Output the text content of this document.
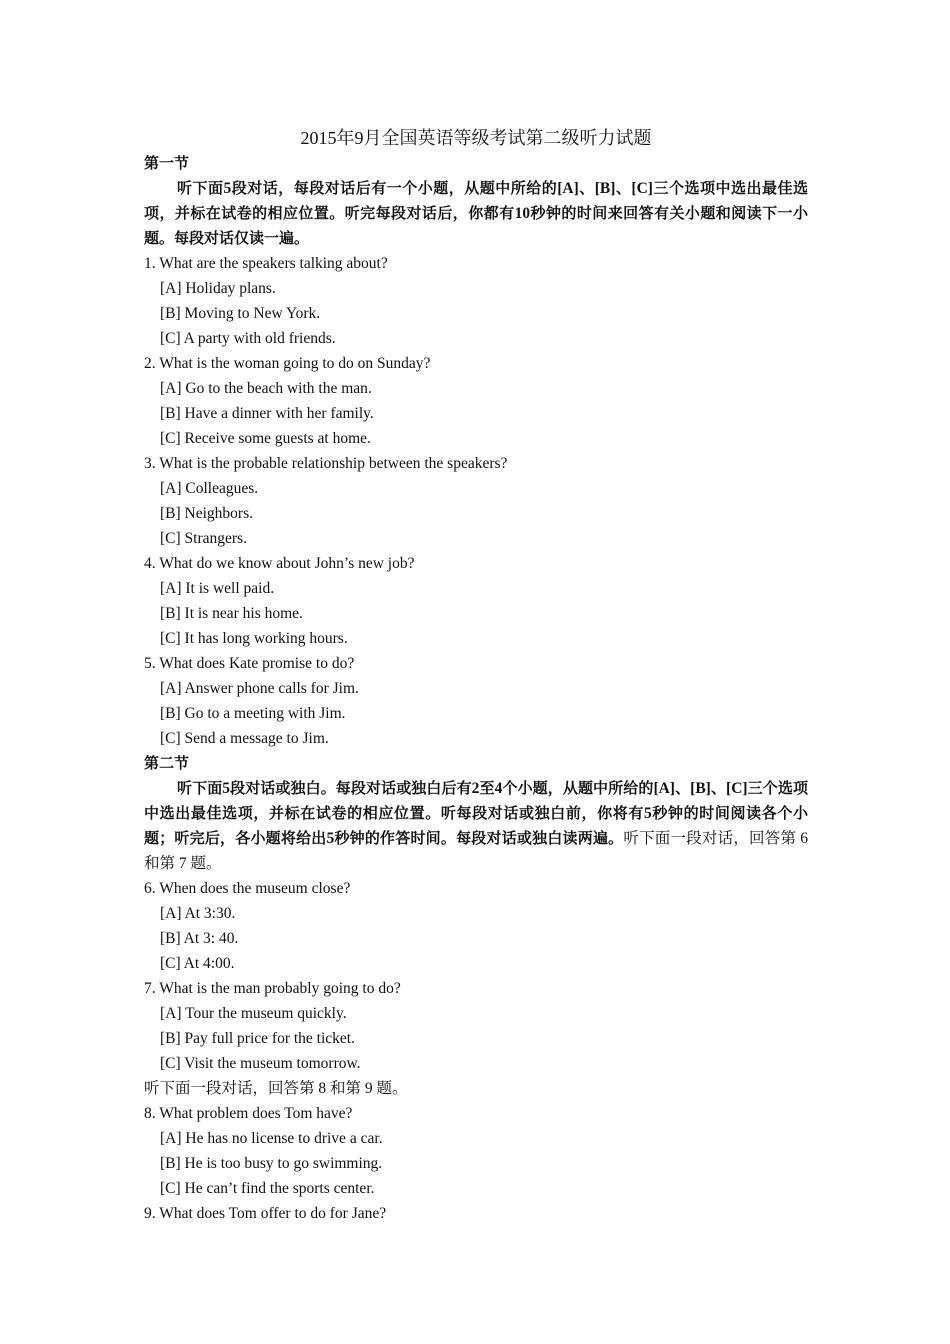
2015年9月全国英语等级考试第二级听力试题
第一节
听下面5段对话，每段对话后有一个小题，从题中所给的[A]、[B]、[C]三个选项中选出最佳选项，并标在试卷的相应位置。听完每段对话后，你都有10秒钟的时间来回答有关小题和阅读下一小题。每段对话仅读一遍。
1. What are the speakers talking about?
[A] Holiday plans.
[B] Moving to New York.
[C] A party with old friends.
2. What is the woman going to do on Sunday?
[A] Go to the beach with the man.
[B] Have a dinner with her family.
[C] Receive some guests at home.
3. What is the probable relationship between the speakers?
[A] Colleagues.
[B] Neighbors.
[C] Strangers.
4. What do we know about John’s new job?
[A] It is well paid.
[B] It is near his home.
[C] It has long working hours.
5. What does Kate promise to do?
[A] Answer phone calls for Jim.
[B] Go to a meeting with Jim.
[C] Send a message to Jim.
第二节
听下面5段对话或独白。每段对话或独白后有2至4个小题，从题中所给的[A]、[B]、[C]三个选项中选出最佳选项，并标在试卷的相应位置。听每段对话或独白前，你将有5秒钟的时间阅读各个小题；听完后，各小题将给出5秒钟的作答时间。每段对话或独白读两遍。听下面一段对话，回答第 6 和第 7 题。
6. When does the museum close?
[A] At 3:30.
[B] At 3: 40.
[C] At 4:00.
7. What is the man probably going to do?
[A] Tour the museum quickly.
[B] Pay full price for the ticket.
[C] Visit the museum tomorrow.
听下面一段对话，回答第 8 和第 9 题。
8. What problem does Tom have?
[A] He has no license to drive a car.
[B] He is too busy to go swimming.
[C] He can’t find the sports center.
9. What does Tom offer to do for Jane?
